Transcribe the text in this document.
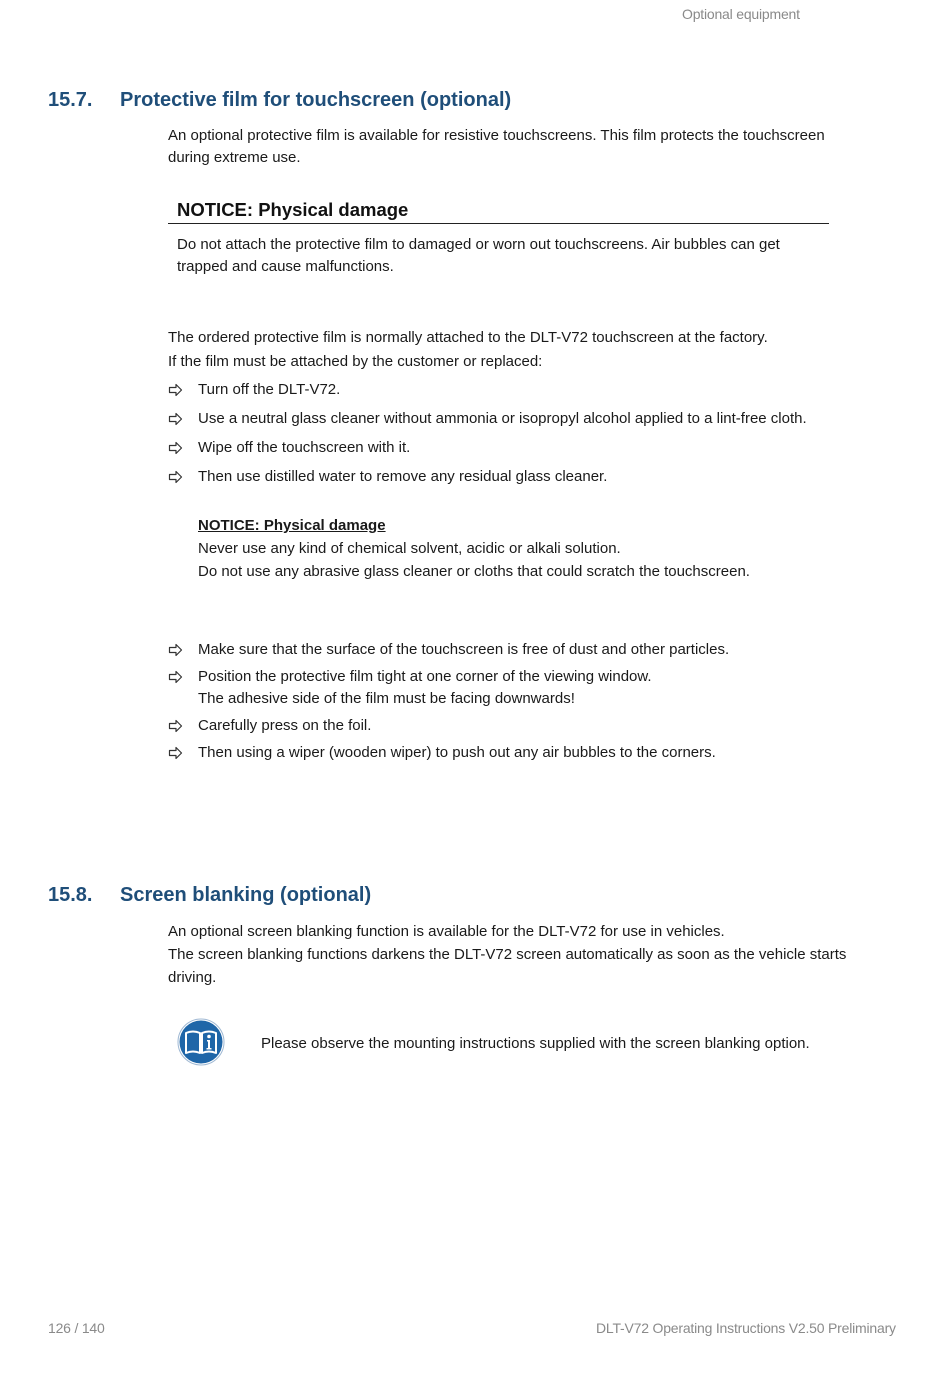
Optional equipment
15.7. Protective film for touchscreen (optional)
An optional protective film is available for resistive touchscreens. This film protects the touchscreen
during extreme use.
NOTICE: Physical damage
Do not attach the protective film to damaged or worn out touchscreens. Air bubbles can get
trapped and cause malfunctions.
The ordered protective film is normally attached to the DLT-V72 touchscreen at the factory.
If the film must be attached by the customer or replaced:
Turn off the DLT-V72.
Use a neutral glass cleaner without ammonia or isopropyl alcohol applied to a lint-free cloth.
Wipe off the touchscreen with it.
Then use distilled water to remove any residual glass cleaner.
NOTICE: Physical damage
Never use any kind of chemical solvent, acidic or alkali solution.
Do not use any abrasive glass cleaner or cloths that could scratch the touchscreen.
Make sure that the surface of the touchscreen is free of dust and other particles.
Position the protective film tight at one corner of the viewing window.
The adhesive side of the film must be facing downwards!
Carefully press on the foil.
Then using a wiper (wooden wiper) to push out any air bubbles to the corners.
15.8. Screen blanking (optional)
An optional screen blanking function is available for the DLT-V72 for use in vehicles.
The screen blanking functions darkens the DLT-V72 screen automatically as soon as the vehicle starts
driving.
Please observe the mounting instructions supplied with the screen blanking option.
126 / 140	DLT-V72 Operating Instructions V2.50 Preliminary
